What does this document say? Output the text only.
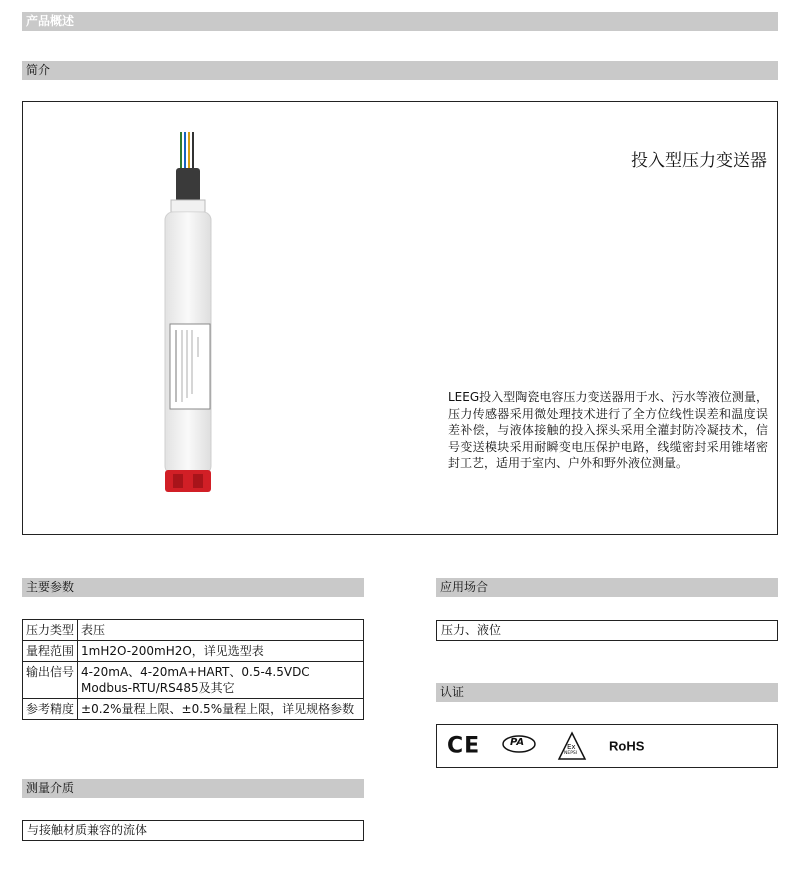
产品概述
简介
投入型压力变送器
LEEG投入型陶瓷电容压力变送器用于水、污水等液位测量，压力传感器采用微处理技术进行了全方位线性误差和温度误差补偿，与液体接触的投入探头采用全灌封防冷凝技术，信号变送模块采用耐瞬变电压保护电路，线缆密封采用锥堵密封工艺，适用于室内、户外和野外液位测量。
主要参数
压力类型	表压
量程范围	1mH2O-200mH2O，详见选型表
输出信号	4-20mA、4-20mA+HART、0.5-4.5VDC Modbus-RTU/RS485及其它
参考精度	±0.2%量程上限、±0.5%量程上限，详见规格参数
应用场合
压力、液位
认证
CE	PA	Ex
NEPSI RoHS
测量介质
与接触材质兼容的流体
